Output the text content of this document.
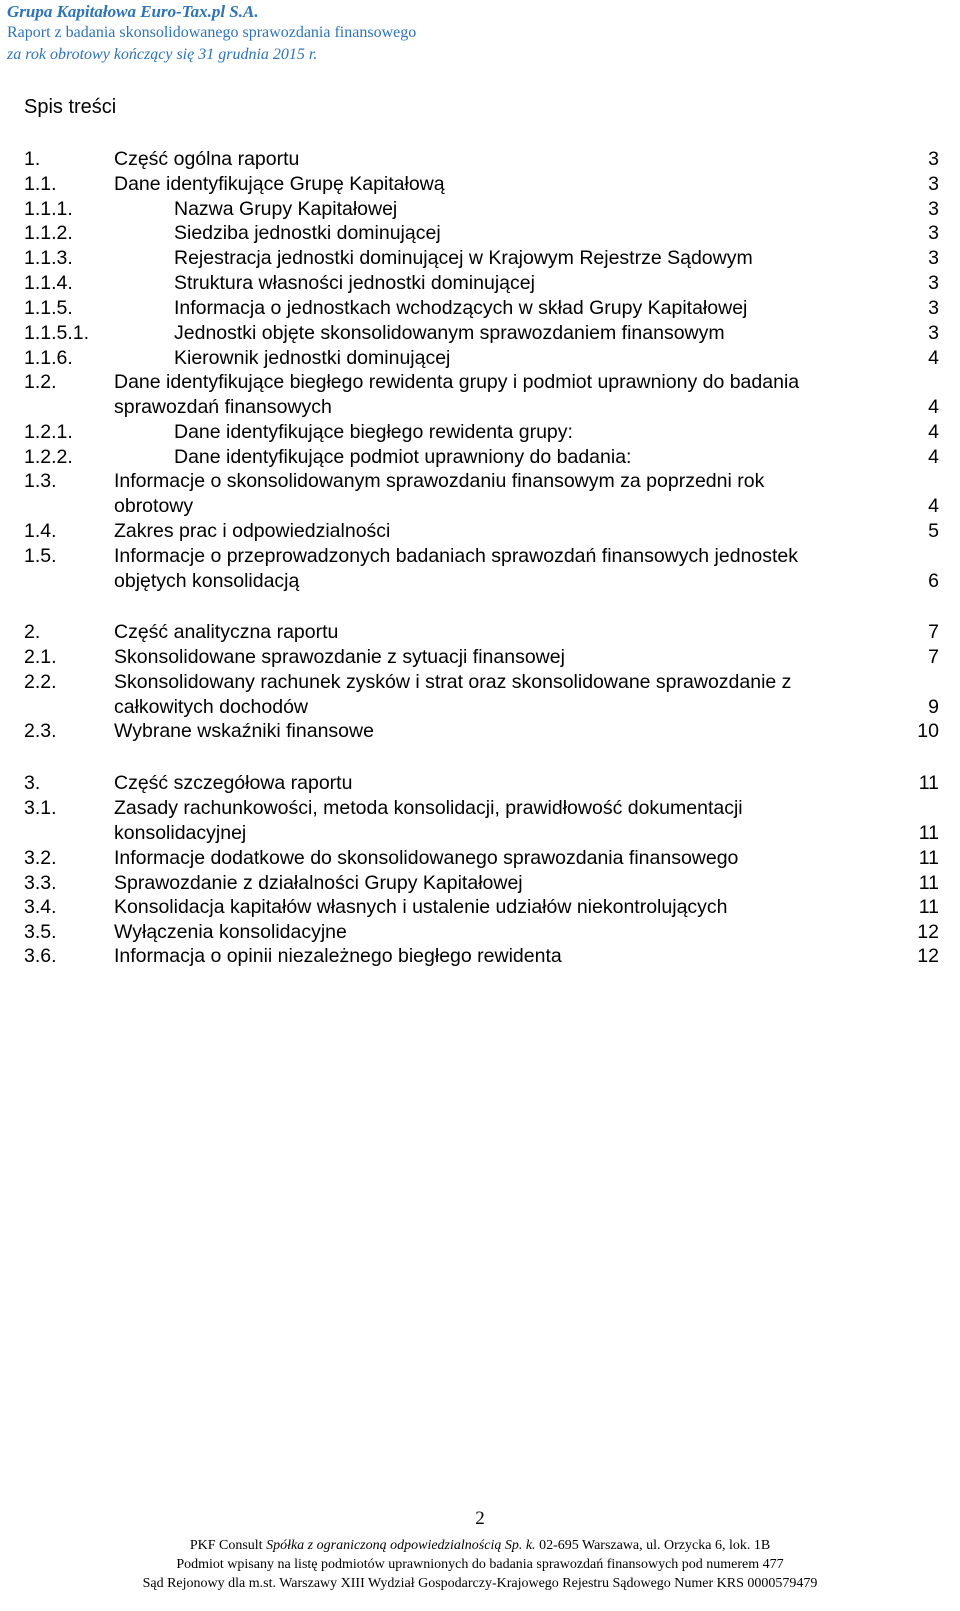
Grupa Kapitałowa Euro-Tax.pl S.A.
Raport z badania skonsolidowanego sprawozdania finansowego
za rok obrotowy kończący się 31 grudnia 2015 r.
Spis treści
1.	Część ogólna raportu	3
1.1.	Dane identyfikujące Grupę Kapitałową	3
1.1.1.	Nazwa Grupy Kapitałowej	3
1.1.2.	Siedziba jednostki dominującej	3
1.1.3.	Rejestracja jednostki dominującej w Krajowym Rejestrze Sądowym	3
1.1.4.	Struktura własności jednostki dominującej	3
1.1.5.	Informacja o jednostkach wchodzących w skład Grupy Kapitałowej	3
1.1.5.1.	Jednostki objęte skonsolidowanym sprawozdaniem finansowym	3
1.1.6.	Kierownik jednostki dominującej	4
1.2.	Dane identyfikujące biegłego rewidenta grupy i podmiot uprawniony do badania
sprawozdań finansowych	4
1.2.1.	Dane identyfikujące biegłego rewidenta grupy:	4
1.2.2.	Dane identyfikujące podmiot uprawniony do badania:	4
1.3.	Informacje o skonsolidowanym sprawozdaniu finansowym za poprzedni rok
obrotowy	4
1.4.	Zakres prac i odpowiedzialności	5
1.5.	Informacje o przeprowadzonych badaniach sprawozdań finansowych jednostek
objętych konsolidacją	6
2.	Część analityczna raportu	7
2.1.	Skonsolidowane sprawozdanie z sytuacji finansowej	7
2.2.	Skonsolidowany rachunek zysków i strat oraz skonsolidowane sprawozdanie z
całkowitych dochodów	9
2.3.	Wybrane wskaźniki finansowe	10
3.	Część szczegółowa raportu	11
3.1.	Zasady rachunkowości, metoda konsolidacji, prawidłowość dokumentacji
konsolidacyjnej	11
3.2.	Informacje dodatkowe do skonsolidowanego sprawozdania finansowego	11
3.3.	Sprawozdanie z działalności Grupy Kapitałowej	11
3.4.	Konsolidacja kapitałów własnych i ustalenie udziałów niekontrolujących	11
3.5.	Wyłączenia konsolidacyjne	12
3.6.	Informacja o opinii niezależnego biegłego rewidenta	12
2
PKF Consult Spółka z ograniczoną odpowiedzialnością Sp. k. 02-695 Warszawa, ul. Orzycka 6, lok. 1B
Podmiot wpisany na listę podmiotów uprawnionych do badania sprawozdań finansowych pod numerem 477
Sąd Rejonowy dla m.st. Warszawy XIII Wydział Gospodarczy-Krajowego Rejestru Sądowego Numer KRS 0000579479
